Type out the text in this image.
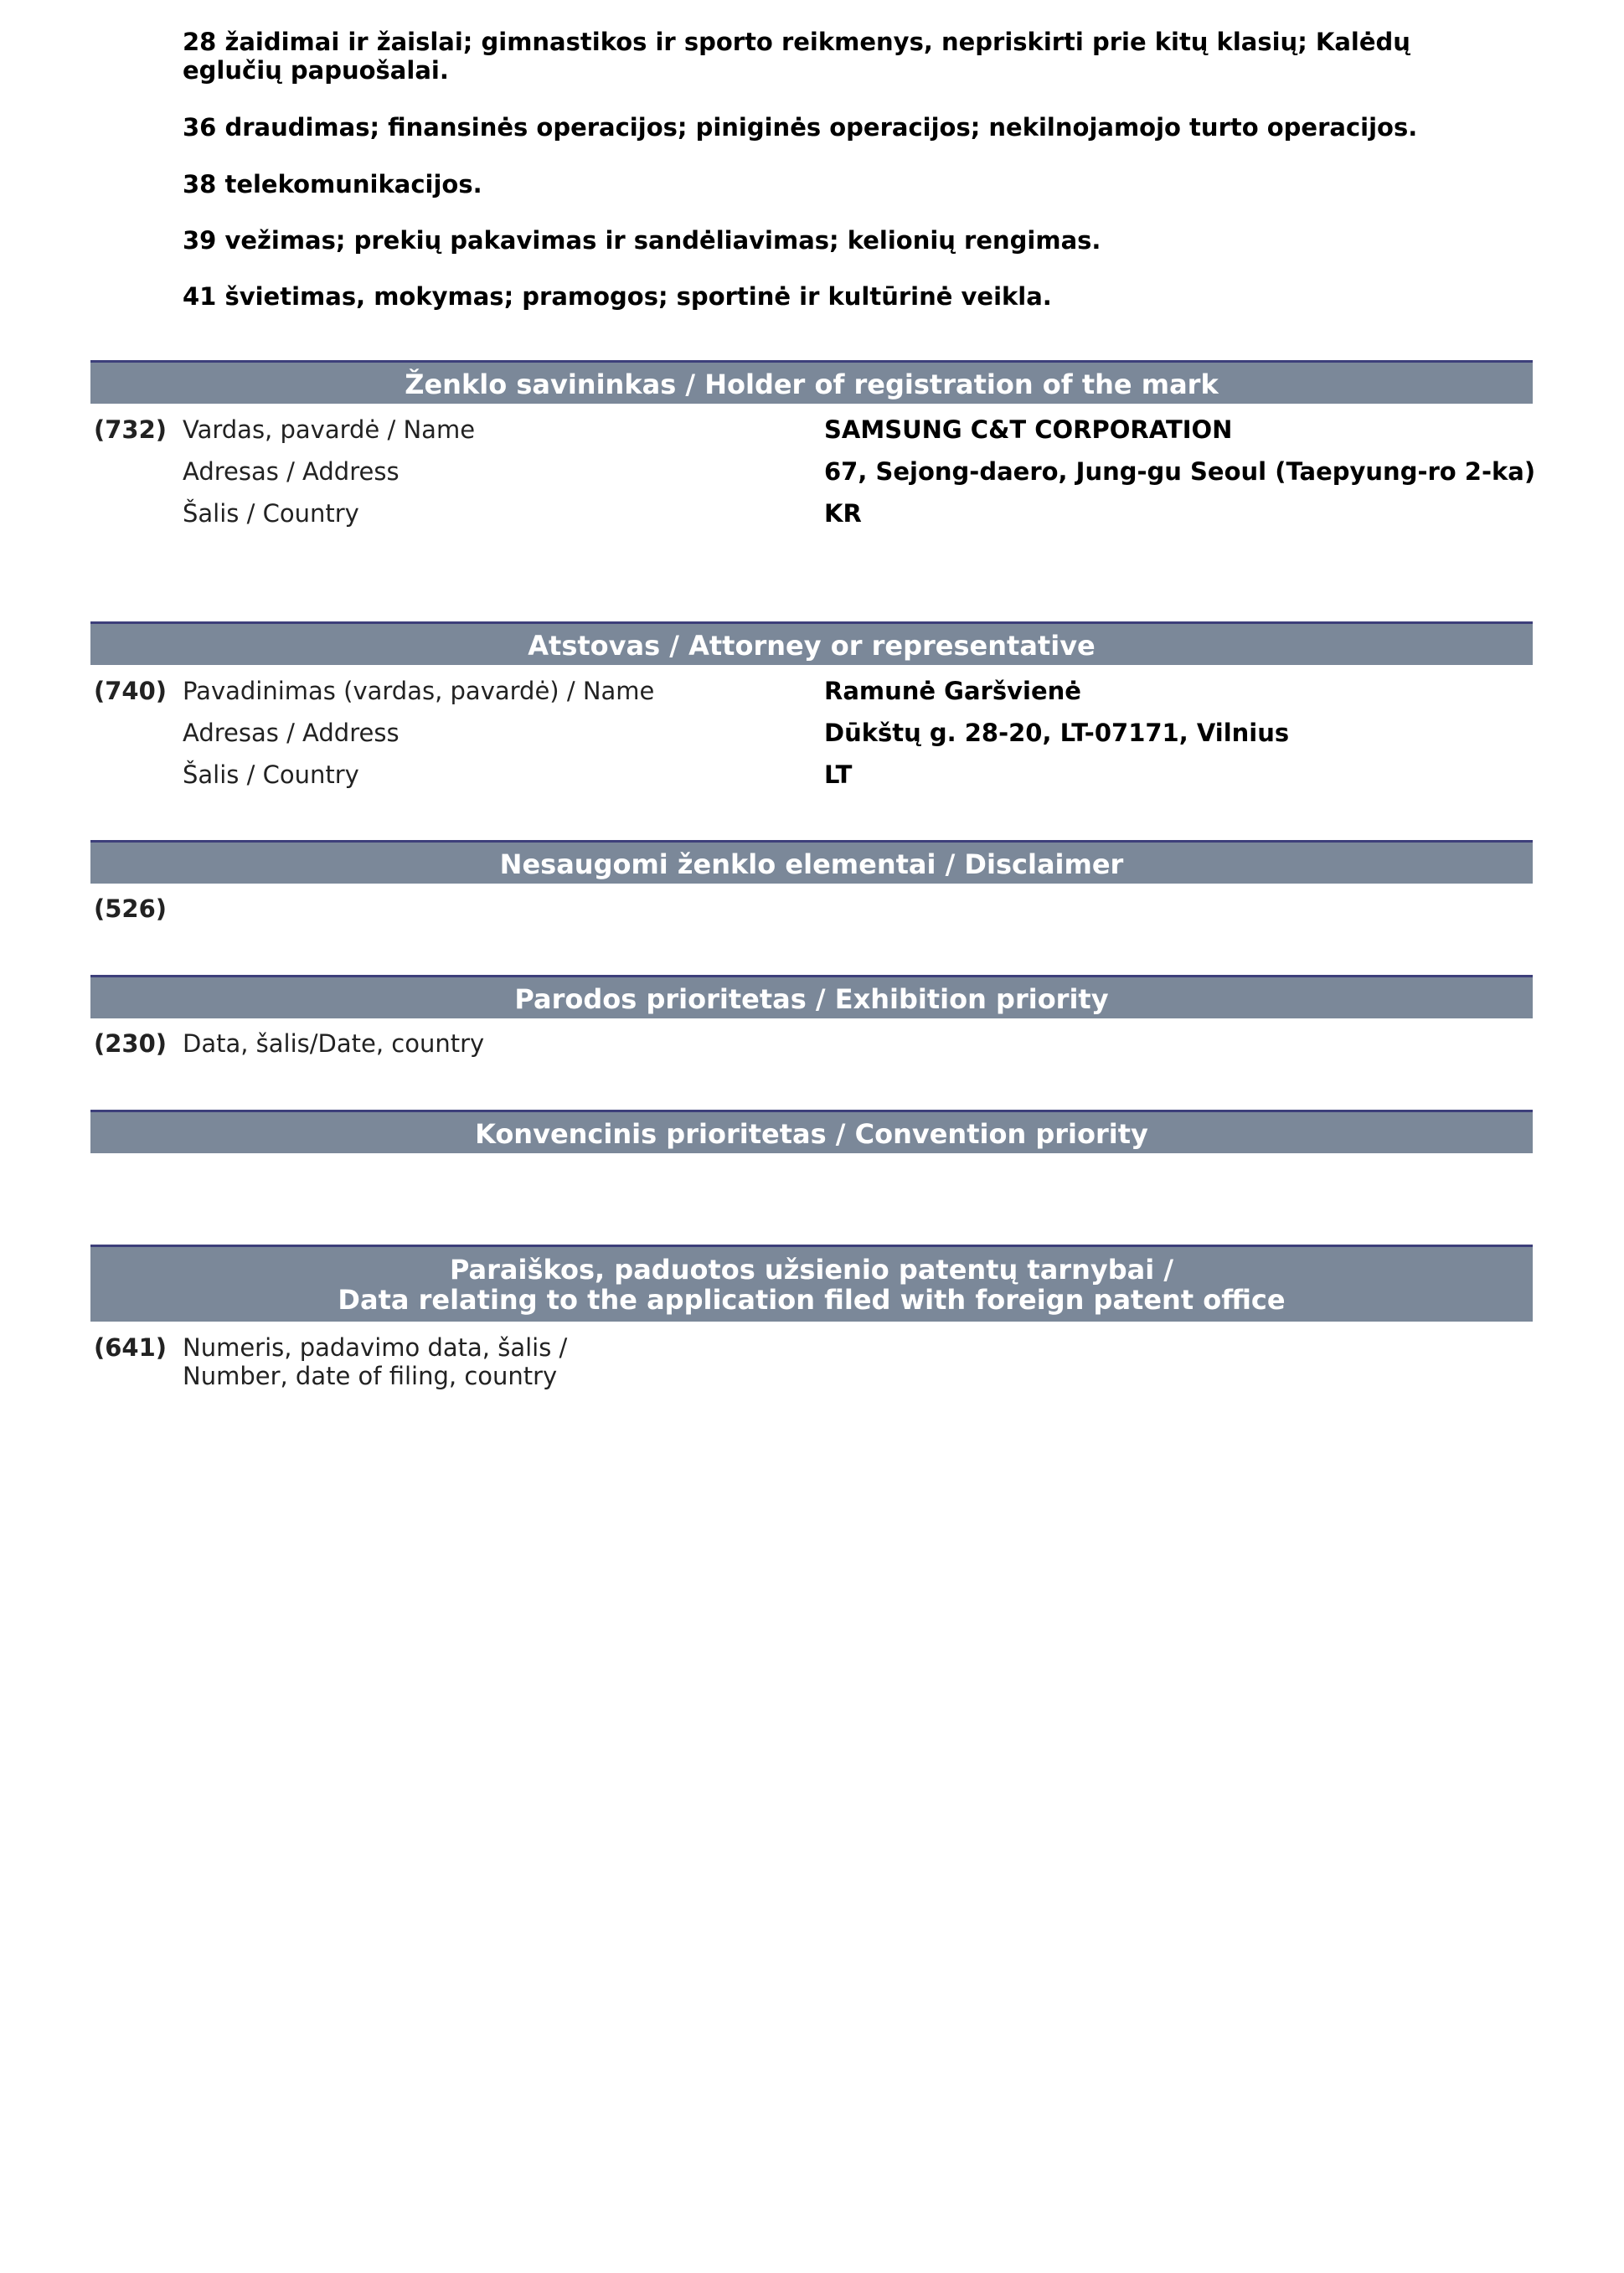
28 žaidimai ir žaislai; gimnastikos ir sporto reikmenys, nepriskirti prie kitų klasių; Kalėdų eglučių papuošalai.

36 draudimas; finansinės operacijos; piniginės operacijos; nekilnojamojo turto operacijos.

38 telekomunikacijos.

39 vežimas; prekių pakavimas ir sandėliavimas; kelionių rengimas.

41 švietimas, mokymas; pramogos; sportinė ir kultūrinė veikla.

Ženklo savininkas / Holder of registration of the mark
(732) Vardas, pavardė / Name	SAMSUNG C&T CORPORATION
Adresas / Address	67, Sejong-daero, Jung-gu Seoul (Taepyung-ro 2-ka)
Šalis / Country	KR
Atstovas / Attorney or representative
(740) Pavadinimas (vardas, pavardė) / Name	Ramunė Garšvienė
Adresas / Address	Dūkštų g. 28-20, LT-07171, Vilnius
Šalis / Country	LT
Nesaugomi ženklo elementai / Disclaimer
(526)
Parodos prioritetas / Exhibition priority
(230) Data, šalis/Date, country
Konvencinis prioritetas / Convention priority
Paraiškos, paduotos užsienio patentų tarnybai /
Data relating to the application filed with foreign patent office
(641) Numeris, padavimo data, šalis /
Number, date of filing, country
